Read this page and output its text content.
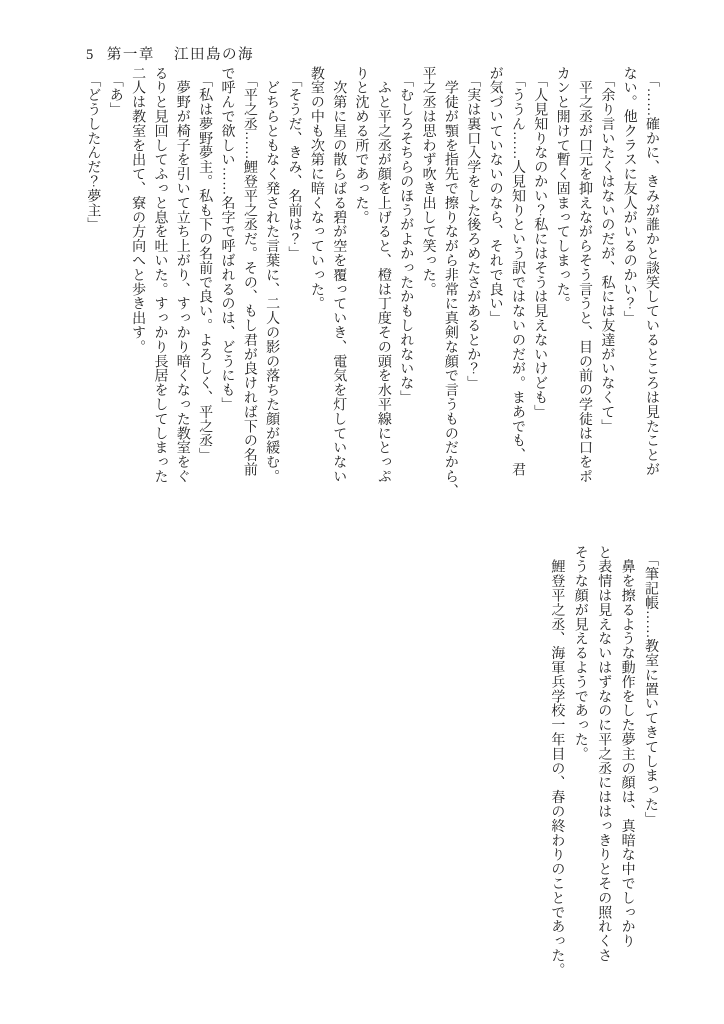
5 第一章 江田島の海
　「……確かに、きみが誰かと談笑しているところは見たことが
ない。他クラスに友人がいるのかい？」
　「余り言いたくはないのだが、私には友達がいなくて」
　平之丞が口元を抑えながらそう言うと、目の前の学徒は口をポ
カンと開けて暫く固まってしまった。
　「人見知りなのかい？私にはそうは見えないけども」
　「ううん……人見知りという訳ではないのだが。まあでも、君
が気づいていないのなら、それで良い」
　「実は裏口入学をした後ろめたさがあるとか？」
　学徒が顎を指先で擦りながら非常に真剣な顔で言うものだから、
平之丞は思わず吹き出して笑った。
　「むしろそちらのほうがよかったかもしれないな」
　ふと平之丞が顔を上げると、橙は丁度その頭を水平線にとっぷ
りと沈める所であった。
　次第に星の散らばる碧が空を覆っていき、電気を灯していない
教室の中も次第に暗くなっていった。
　「そうだ、きみ、名前は？」
　どちらともなく発された言葉に、二人の影の落ちた顔が緩む。
　「平之丞……鯉登平之丞だ。その、もし君が良ければ下の名前
で呼んで欲しい……名字で呼ばれるのは、どうにも」
　「私は夢野夢主。私も下の名前で良い。よろしく、平之丞」
　夢野が椅子を引いて立ち上がり、すっかり暗くなった教室をぐ
るりと見回してふっと息を吐いた。すっかり長居をしてしまった
二人は教室を出て、寮の方向へと歩き出す。
　「あ」
　「どうしたんだ？夢主」
　「筆記帳……教室に置いてきてしまった」
　鼻を擦るような動作をした夢主の顔は、真暗な中でしっかり
と表情は見えないはずなのに平之丞にははっきりとその照れくさ
そうな顔が見えるようであった。
　鯉登平之丞、海軍兵学校一年目の、春の終わりのことであった。
